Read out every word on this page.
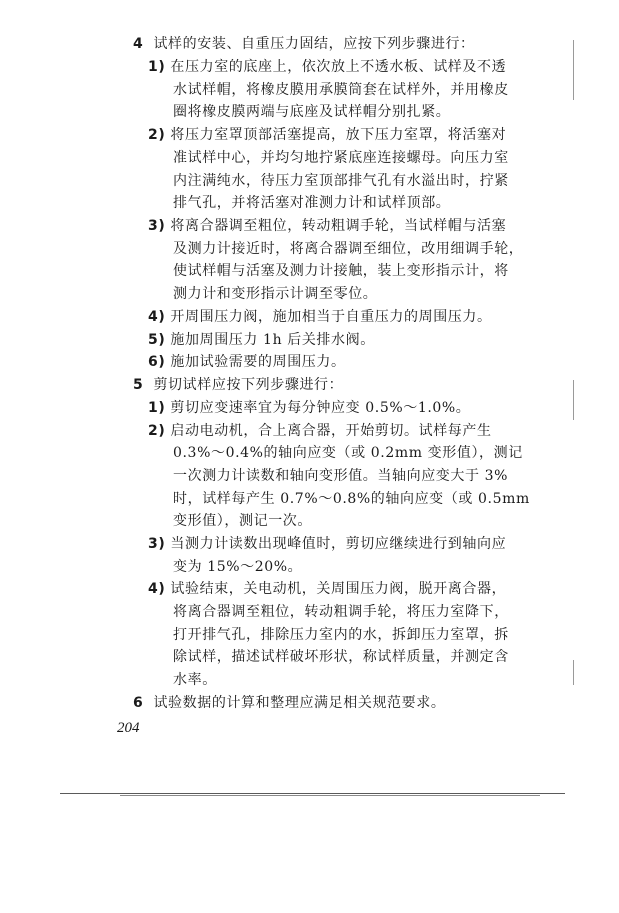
4 试样的安装、自重压力固结，应按下列步骤进行：
1) 在压力室的底座上，依次放上不透水板、试样及不透
水试样帽，将橡皮膜用承膜筒套在试样外，并用橡皮
圈将橡皮膜两端与底座及试样帽分别扎紧。
2) 将压力室罩顶部活塞提高，放下压力室罩，将活塞对
准试样中心，并均匀地拧紧底座连接螺母。向压力室
内注满纯水，待压力室顶部排气孔有水溢出时，拧紧
排气孔，并将活塞对准测力计和试样顶部。
3) 将离合器调至粗位，转动粗调手轮，当试样帽与活塞
及测力计接近时，将离合器调至细位，改用细调手轮，
使试样帽与活塞及测力计接触，装上变形指示计，将
测力计和变形指示计调至零位。
4) 开周围压力阀，施加相当于自重压力的周围压力。
5) 施加周围压力 1h 后关排水阀。
6) 施加试验需要的周围压力。
5 剪切试样应按下列步骤进行：
1) 剪切应变速率宜为每分钟应变 0.5%～1.0%。
2) 启动电动机，合上离合器，开始剪切。试样每产生
0.3%～0.4%的轴向应变（或 0.2mm 变形值），测记
一次测力计读数和轴向变形值。当轴向应变大于 3%
时，试样每产生 0.7%～0.8%的轴向应变（或 0.5mm
变形值），测记一次。
3) 当测力计读数出现峰值时，剪切应继续进行到轴向应
变为 15%～20%。
4) 试验结束，关电动机，关周围压力阀，脱开离合器，
将离合器调至粗位，转动粗调手轮，将压力室降下，
打开排气孔，排除压力室内的水，拆卸压力室罩，拆
除试样，描述试样破坏形状，称试样质量，并测定含
水率。
6 试验数据的计算和整理应满足相关规范要求。
204
